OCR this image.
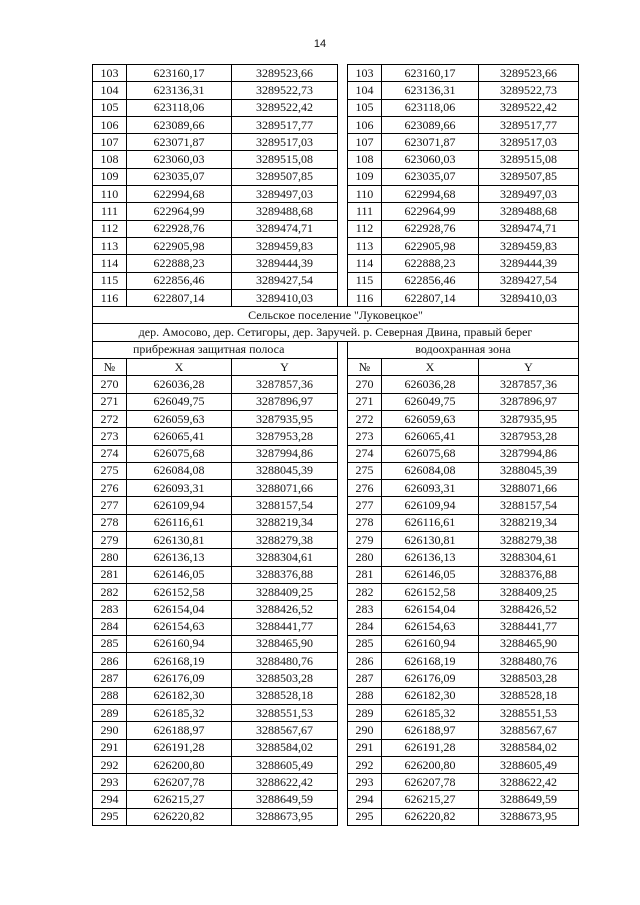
14
103	623160,17	3289523,66		103	623160,17	3289523,66
104	623136,31	3289522,73		104	623136,31	3289522,73
105	623118,06	3289522,42		105	623118,06	3289522,42
106	623089,66	3289517,77		106	623089,66	3289517,77
107	623071,87	3289517,03		107	623071,87	3289517,03
108	623060,03	3289515,08		108	623060,03	3289515,08
109	623035,07	3289507,85		109	623035,07	3289507,85
110	622994,68	3289497,03		110	622994,68	3289497,03
111	622964,99	3289488,68		111	622964,99	3289488,68
112	622928,76	3289474,71		112	622928,76	3289474,71
113	622905,98	3289459,83		113	622905,98	3289459,83
114	622888,23	3289444,39		114	622888,23	3289444,39
115	622856,46	3289427,54		115	622856,46	3289427,54
116	622807,14	3289410,03		116	622807,14	3289410,03
Сельское поселение "Луковецкое"						
дер. Амосово, дер. Сетигоры, дер. Заручей. р. Северная Двина, правый берег						
прибрежная защитная полоса				водоохранная зона		
№	X	Y		№	X	Y
270	626036,28	3287857,36		270	626036,28	3287857,36
271	626049,75	3287896,97		271	626049,75	3287896,97
272	626059,63	3287935,95		272	626059,63	3287935,95
273	626065,41	3287953,28		273	626065,41	3287953,28
274	626075,68	3287994,86		274	626075,68	3287994,86
275	626084,08	3288045,39		275	626084,08	3288045,39
276	626093,31	3288071,66		276	626093,31	3288071,66
277	626109,94	3288157,54		277	626109,94	3288157,54
278	626116,61	3288219,34		278	626116,61	3288219,34
279	626130,81	3288279,38		279	626130,81	3288279,38
280	626136,13	3288304,61		280	626136,13	3288304,61
281	626146,05	3288376,88		281	626146,05	3288376,88
282	626152,58	3288409,25		282	626152,58	3288409,25
283	626154,04	3288426,52		283	626154,04	3288426,52
284	626154,63	3288441,77		284	626154,63	3288441,77
285	626160,94	3288465,90		285	626160,94	3288465,90
286	626168,19	3288480,76		286	626168,19	3288480,76
287	626176,09	3288503,28		287	626176,09	3288503,28
288	626182,30	3288528,18		288	626182,30	3288528,18
289	626185,32	3288551,53		289	626185,32	3288551,53
290	626188,97	3288567,67		290	626188,97	3288567,67
291	626191,28	3288584,02		291	626191,28	3288584,02
292	626200,80	3288605,49		292	626200,80	3288605,49
293	626207,78	3288622,42		293	626207,78	3288622,42
294	626215,27	3288649,59		294	626215,27	3288649,59
295	626220,82	3288673,95		295	626220,82	3288673,95
